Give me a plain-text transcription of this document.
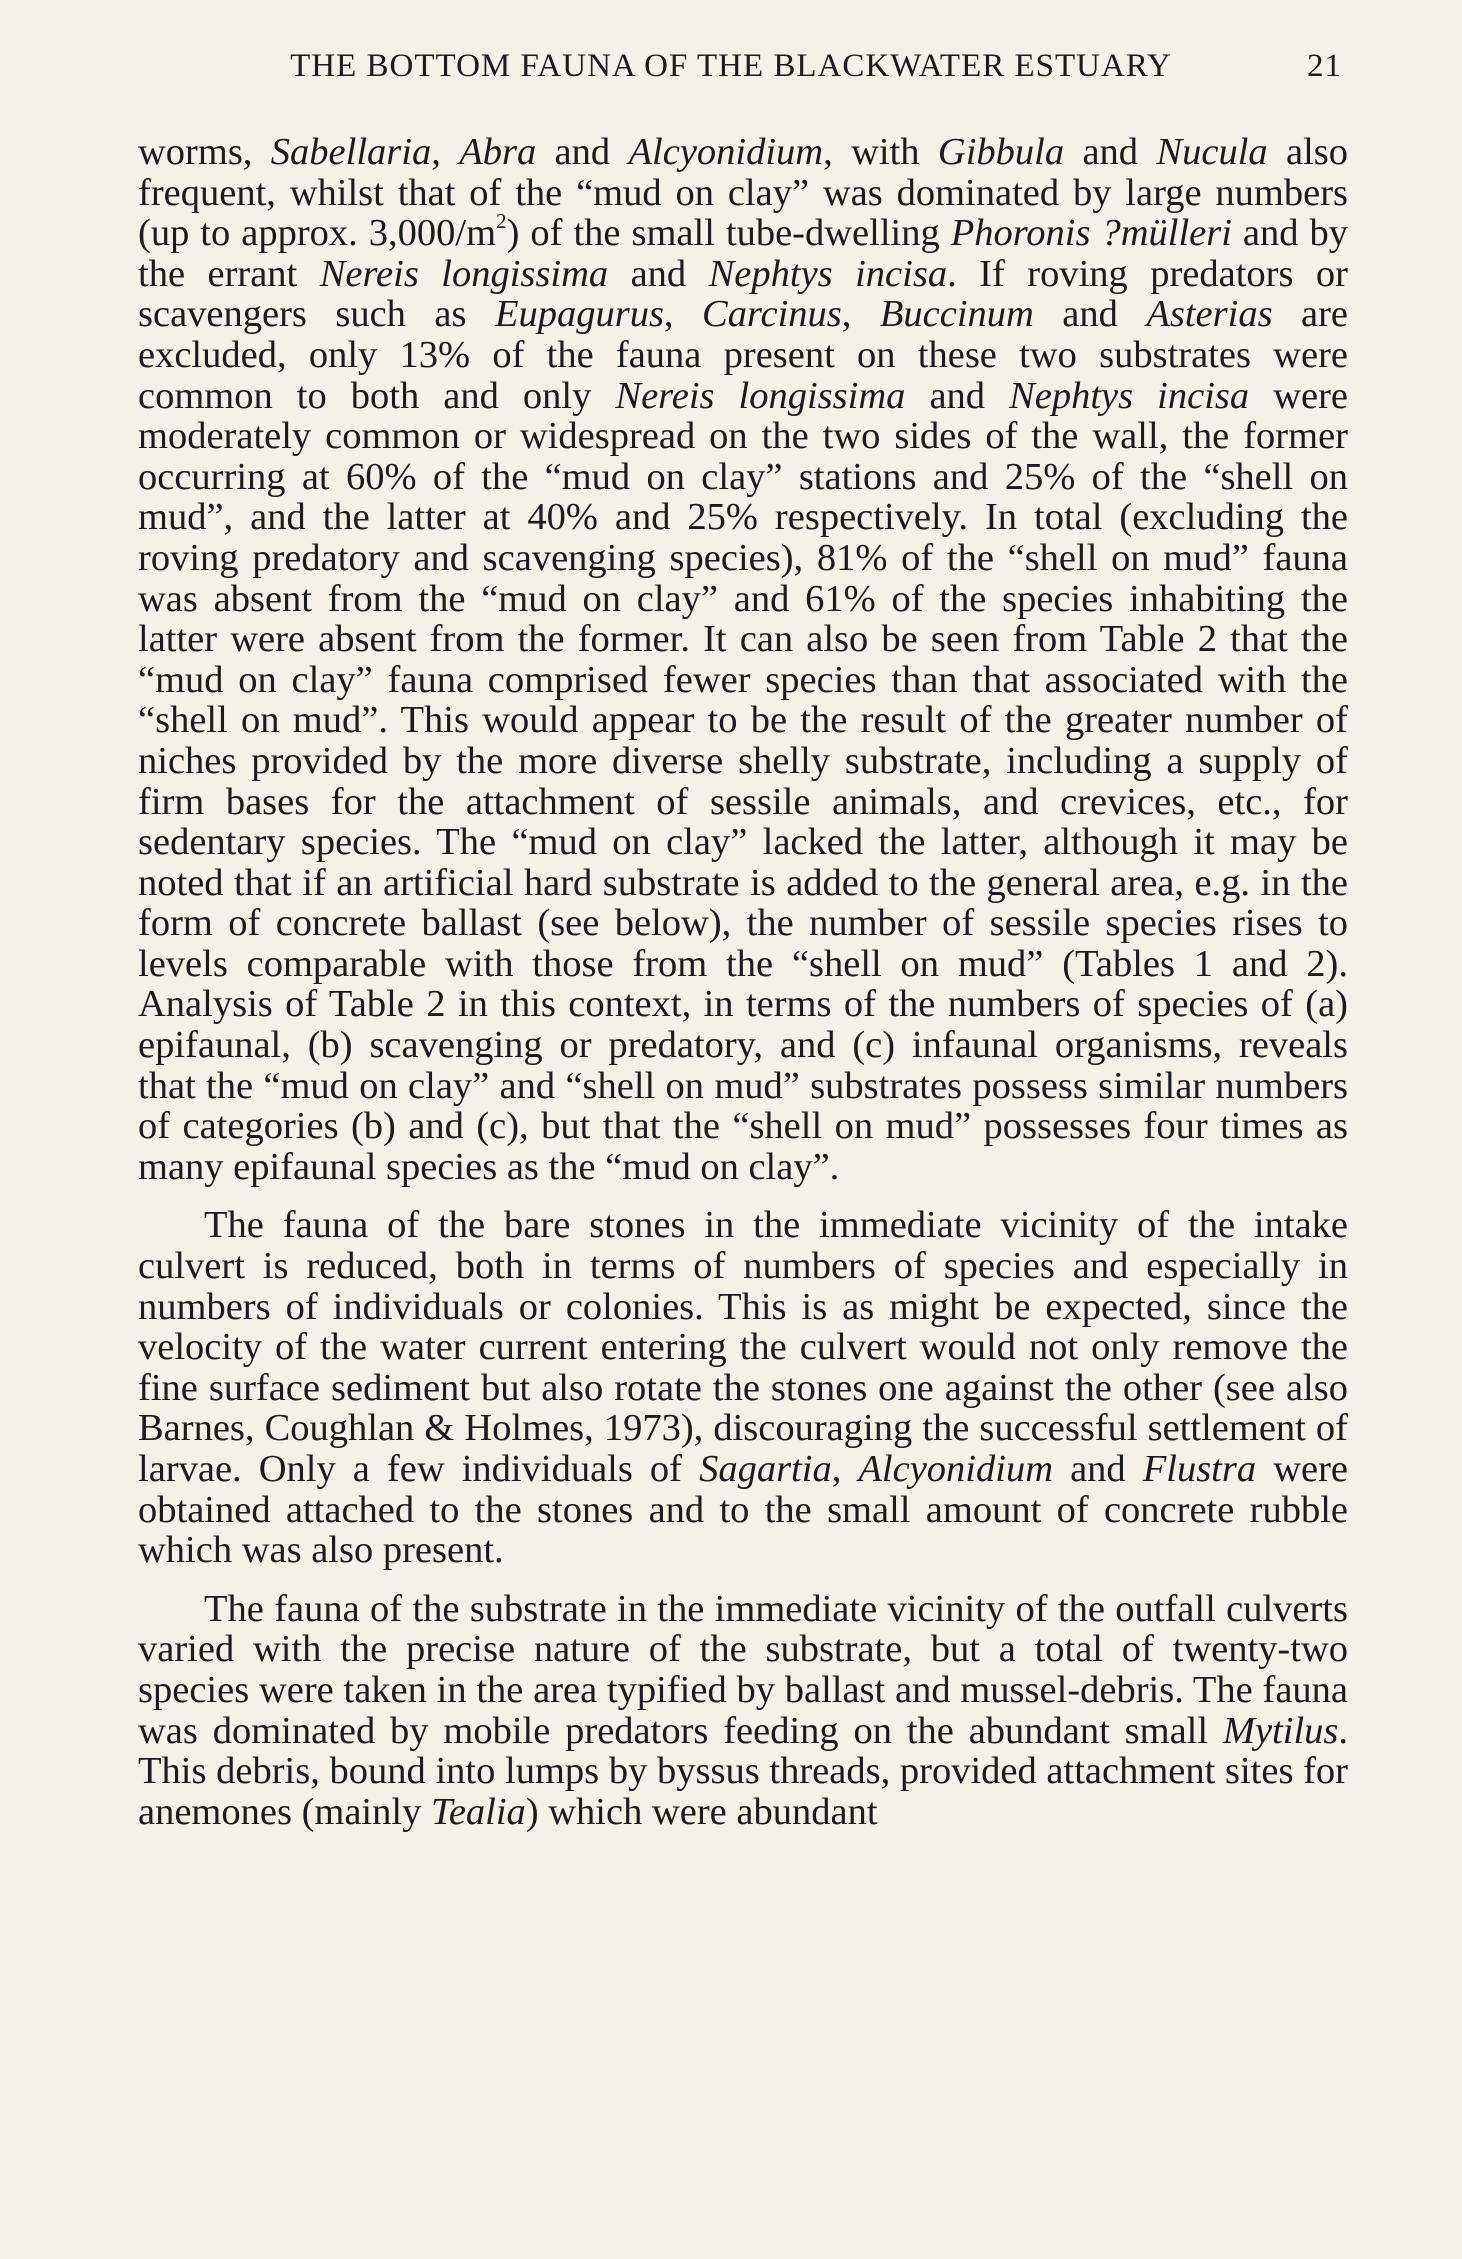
THE BOTTOM FAUNA OF THE BLACKWATER ESTUARY	21

worms, Sabellaria, Abra and Alcyonidium, with Gibbula and Nucula also frequent, whilst that of the “mud on clay” was dominated by large numbers (up to approx. $3,000/m^2$) of the small tube-dwelling Phoronis ?mülleri and by the errant Nereis longissima and Nephtys incisa. If roving predators or scavengers such as Eupagurus, Carcinus, Buccinum and Asterias are excluded, only 13% of the fauna present on these two substrates were common to both and only Nereis longissima and Nephtys incisa were moderately common or widespread on the two sides of the wall, the former occurring at 60% of the “mud on clay” stations and 25% of the “shell on mud”, and the latter at 40% and 25% respectively. In total (excluding the roving predatory and scavenging species), 81% of the “shell on mud” fauna was absent from the “mud on clay” and 61% of the species inhabiting the latter were absent from the former. It can also be seen from Table 2 that the “mud on clay” fauna comprised fewer species than that associated with the “shell on mud”. This would appear to be the result of the greater number of niches provided by the more diverse shelly substrate, including a supply of firm bases for the attachment of sessile animals, and crevices, etc., for sedentary species. The “mud on clay” lacked the latter, although it may be noted that if an artificial hard substrate is added to the general area, e.g. in the form of concrete ballast (see below), the number of sessile species rises to levels comparable with those from the “shell on mud” (Tables 1 and 2). Analysis of Table 2 in this context, in terms of the numbers of species of (a) epifaunal, (b) scavenging or predatory, and (c) infaunal organisms, reveals that the “mud on clay” and “shell on mud” substrates possess similar numbers of categories (b) and (c), but that the “shell on mud” possesses four times as many epifaunal species as the “mud on clay”.

The fauna of the bare stones in the immediate vicinity of the intake culvert is reduced, both in terms of numbers of species and especially in numbers of individuals or colonies. This is as might be expected, since the velocity of the water current entering the culvert would not only remove the fine surface sediment but also rotate the stones one against the other (see also Barnes, Coughlan & Holmes, 1973), discouraging the successful settlement of larvae. Only a few individuals of Sagartia, Alcyonidium and Flustra were obtained attached to the stones and to the small amount of concrete rubble which was also present.

The fauna of the substrate in the immediate vicinity of the outfall culverts varied with the precise nature of the substrate, but a total of twenty-two species were taken in the area typified by ballast and mussel-debris. The fauna was dominated by mobile predators feeding on the abundant small Mytilus. This debris, bound into lumps by byssus threads, provided attachment sites for anemones (mainly Tealia) which were abundant
